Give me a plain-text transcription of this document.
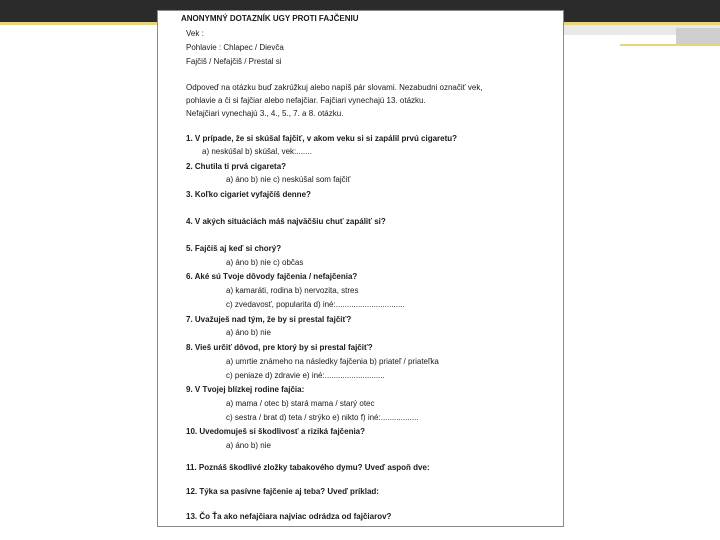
ANONYMNÝ DOTAZNÍK UGY PROTI FAJČENIU
Vek :
Pohlavie : Chlapec / Dievča
Fajčiš / Nefajčiš / Prestal si
Odpoveď na otázku buď zakrúžkuj alebo napíš pár slovami. Nezabudni označiť vek,
pohlavie a či si fajčiar alebo nefajčiar. Fajčiari vynechajú 13. otázku.
Nefajčiari vynechajú 3., 4., 5., 7. a 8. otázku.
1. V prípade, že si skúšal fajčiť, v akom veku si si zapálil prvú cigaretu?
a) neskúšal b) skúšal, vek:.......
2. Chutila ti prvá cigareta?
a) áno b) nie c) neskúšal som fajčiť
3. Koľko cigariet vyfajčíš denne?
4. V akých situáciách máš najväčšiu chuť zapáliť si?
5. Fajčíš aj keď si chorý?
a) áno b) nie c) občas
6. Aké sú Tvoje dôvody fajčenia / nefajčenia?
a) kamaráti, rodina b) nervozita, stres
c) zvedavosť, popularita d) iné:...............................
7. Uvažuješ nad tým, že by si prestal fajčiť?
a) áno b) nie
8. Vieš určiť dôvod, pre ktorý by si prestal fajčiť?
a) umrtie známeho na následky fajčenia b) priateľ / priateľka
c) peniaze d) zdravie e) iné:...........................
9. V Tvojej blízkej rodine fajčia:
a) mama / otec b) stará mama / starý otec
c) sestra / brat d) teta / strýko e) nikto f) iné:.................
10. Uvedomuješ si škodlivosť a riziká fajčenia?
a) áno b) nie
11. Poznáš škodlivé zložky tabakového dymu? Uveď aspoň dve:
12. Týka sa pasívne fajčenie aj teba? Uveď príklad:
13. Čo Ťa ako nefajčiara najviac odrádza od fajčiarov?
